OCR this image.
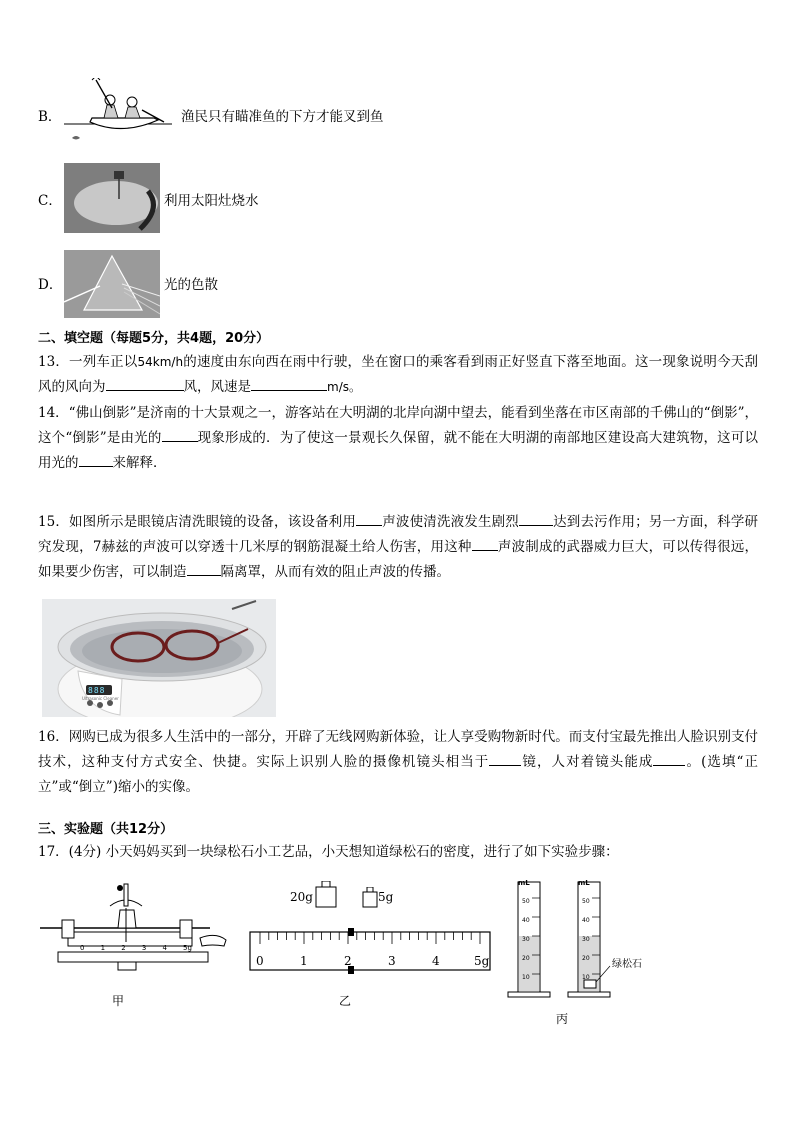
B．	渔民只有瞄准鱼的下方才能叉到鱼
C．	利用太阳灶烧水
D．	光的色散
二、填空题（每题5分，共4题，20分）
13．一列车正以54km/h的速度由东向西在雨中行驶，坐在窗口的乘客看到雨正好竖直下落至地面。这一现象说明今天刮风的风向为	风，风速是	m/s。
14．“佛山倒影”是济南的十大景观之一，游客站在大明湖的北岸向湖中望去，能看到坐落在市区南部的千佛山的“倒影”，这个“倒影”是由光的	现象形成的．为了使这一景观长久保留，就不能在大明湖的南部地区建设高大建筑物，这可以用光的	来解释．
15．如图所示是眼镜店清洗眼镜的设备，该设备利用 声波使清洗液发生剧烈	达到去污作用；另一方面，科学研究发现，7赫兹的声波可以穿透十几米厚的钢筋混凝土给人伤害，用这种 声波制成的武器威力巨大，可以传得很远，如果要少伤害，可以制造	隔离罩，从而有效的阻止声波的传播。
888
Ultrasonic Cleaner
16．网购已成为很多人生活中的一部分，开辟了无线网购新体验，让人享受购物新时代。而支付宝最先推出人脸识别支付技术，这种支付方式安全、快捷。实际上识别人脸的摄像机镜头相当于 镜，人对着镜头能成 。(选填“正立”或“倒立”)缩小的实像。
三、实验题（共12分）
17．(4分) 小天妈妈买到一块绿松石小工艺品，小天想知道绿松石的密度，进行了如下实验步骤：
0 1 2 3 4 5g
甲
20g	5g
0	1	2	3	4	5g
乙
mL
50
40
30
20
10
mL
50
40
30
20
10
绿松石
丙
